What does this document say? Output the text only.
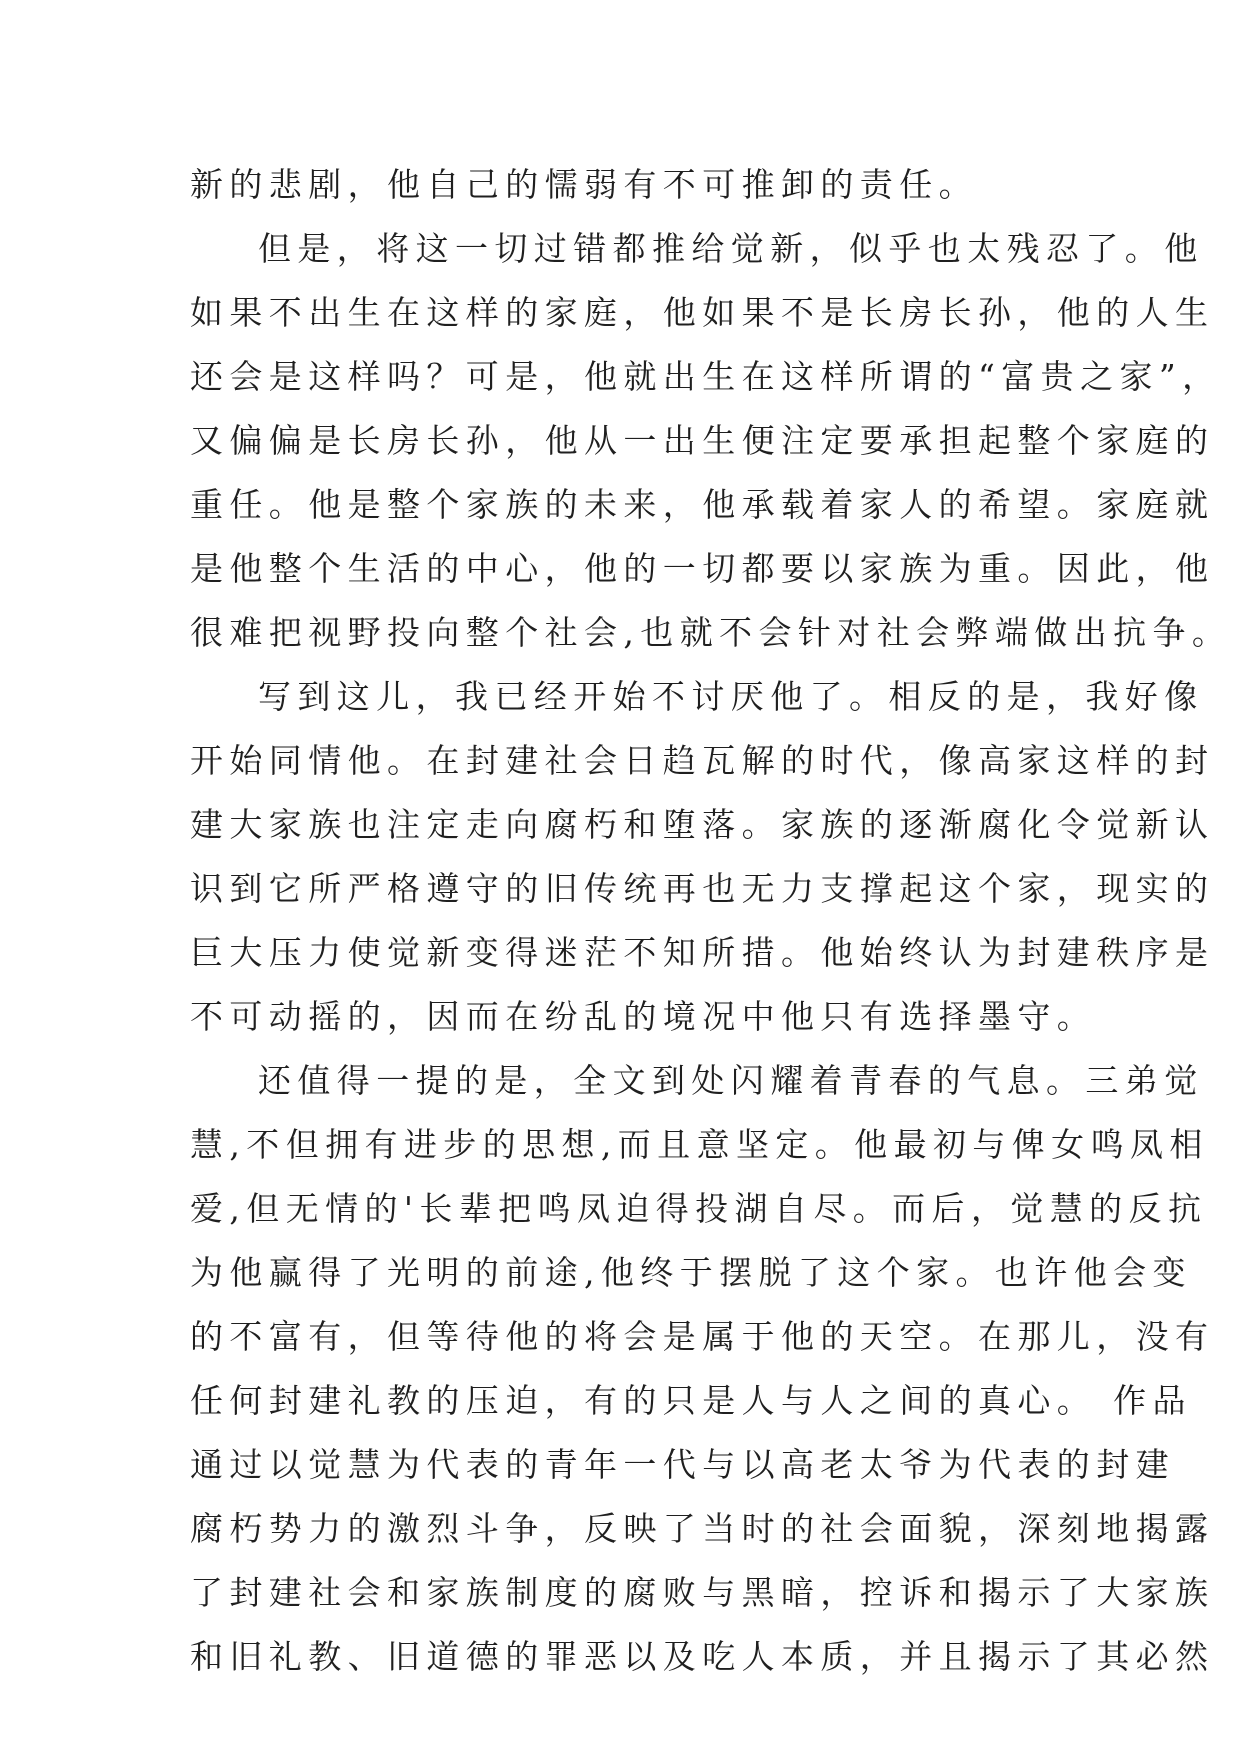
新的悲剧，他自己的懦弱有不可推卸的责任。
但是，将这一切过错都推给觉新，似乎也太残忍了。他
如果不出生在这样的家庭，他如果不是长房长孙，他的人生
还会是这样吗？可是，他就出生在这样所谓的“富贵之家”，
又偏偏是长房长孙，他从一出生便注定要承担起整个家庭的
重任。他是整个家族的未来，他承载着家人的希望。家庭就
是他整个生活的中心，他的一切都要以家族为重。因此，他
很难把视野投向整个社会,也就不会针对社会弊端做出抗争。
写到这儿，我已经开始不讨厌他了。相反的是，我好像
开始同情他。在封建社会日趋瓦解的时代，像高家这样的封
建大家族也注定走向腐朽和堕落。家族的逐渐腐化令觉新认
识到它所严格遵守的旧传统再也无力支撑起这个家，现实的
巨大压力使觉新变得迷茫不知所措。他始终认为封建秩序是
不可动摇的，因而在纷乱的境况中他只有选择墨守。
还值得一提的是，全文到处闪耀着青春的气息。三弟觉
慧,不但拥有进步的思想,而且意坚定。他最初与俾女鸣凤相
爱,但无情的'长辈把鸣凤迫得投湖自尽。而后，觉慧的反抗
为他赢得了光明的前途,他终于摆脱了这个家。也许他会变
的不富有，但等待他的将会是属于他的天空。在那儿，没有
任何封建礼教的压迫，有的只是人与人之间的真心。 作品
通过以觉慧为代表的青年一代与以高老太爷为代表的封建
腐朽势力的激烈斗争，反映了当时的社会面貌，深刻地揭露
了封建社会和家族制度的腐败与黑暗，控诉和揭示了大家族
和旧礼教、旧道德的罪恶以及吃人本质，并且揭示了其必然
